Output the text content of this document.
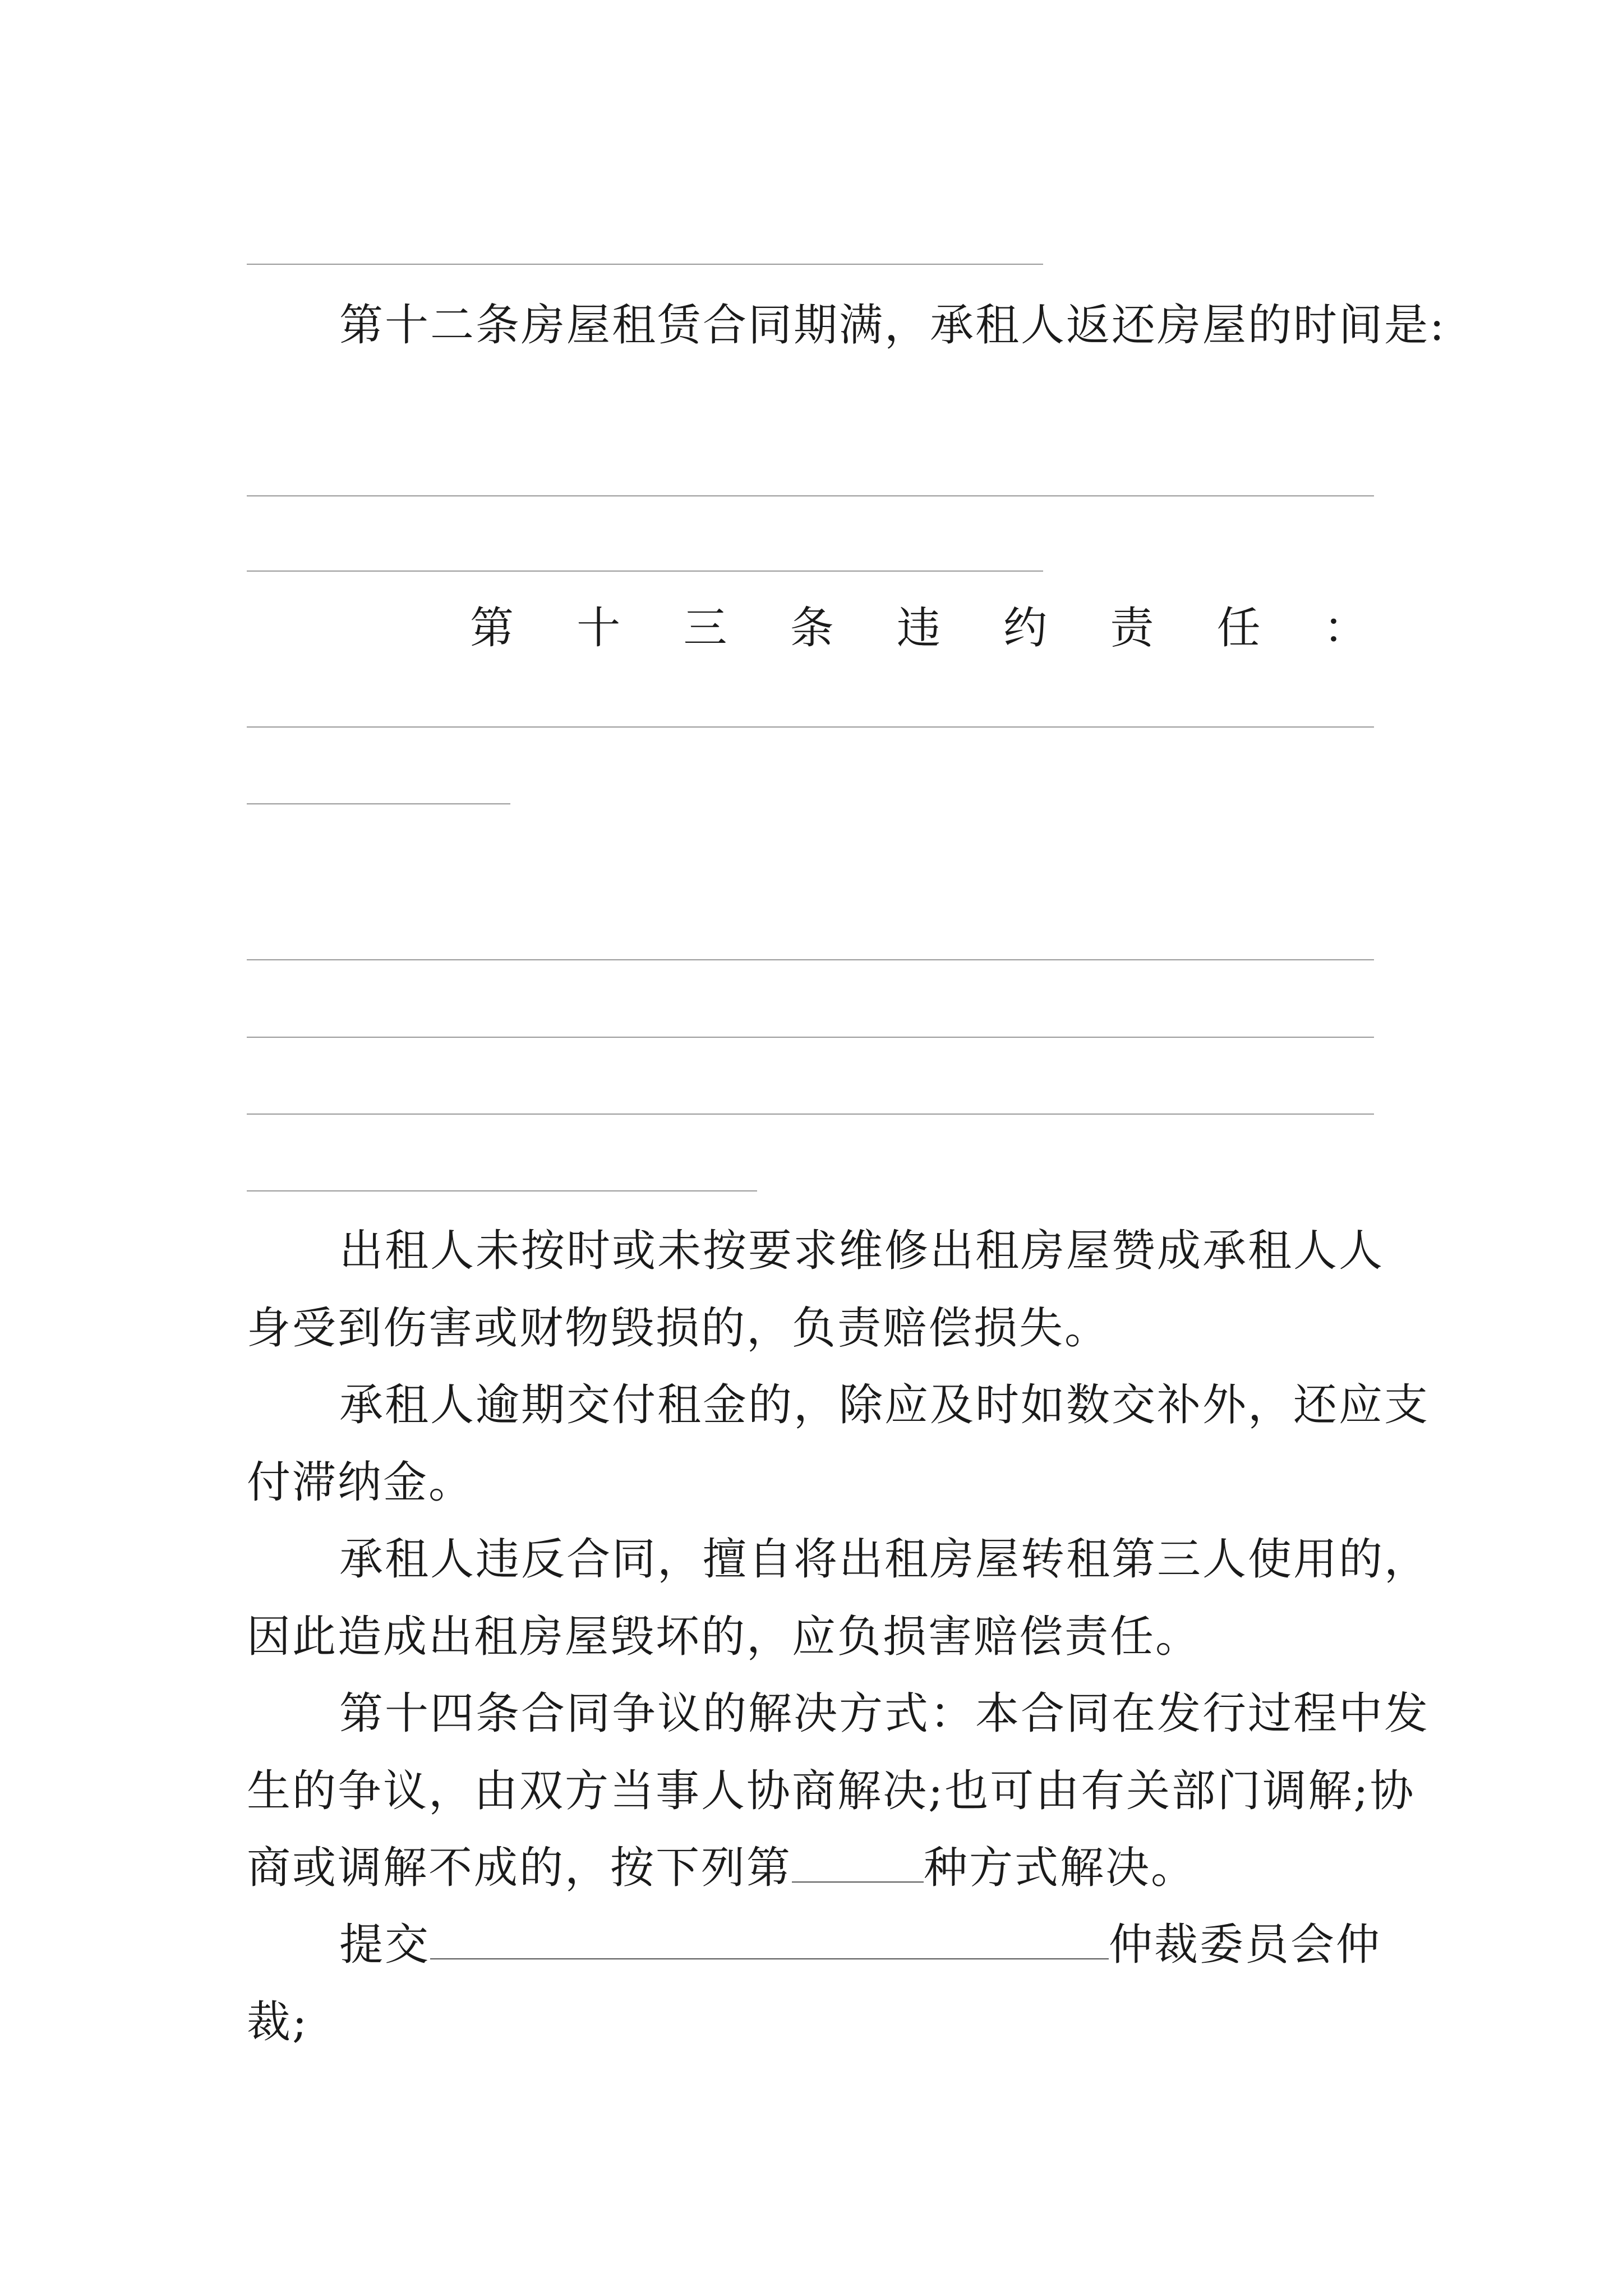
第十二条房屋租赁合同期满，承租人返还房屋的时间是:
第 十 三 条 违 约 责 任 ：
出租人未按时或未按要求维修出租房屋赞成承租人人
身受到伤害或财物毁损的，负责赔偿损失。
承租人逾期交付租金的，除应及时如数交补外，还应支
付滞纳金。
承租人违反合同，擅自将出租房屋转租第三人使用的，
因此造成出租房屋毁坏的，应负损害赔偿责任。
第十四条合同争议的解决方式：本合同在发行过程中发
生的争议，由双方当事人协商解决;也可由有关部门调解;协
商或调解不成的，按下列第	种方式解决。
提交	仲裁委员会仲
裁;
